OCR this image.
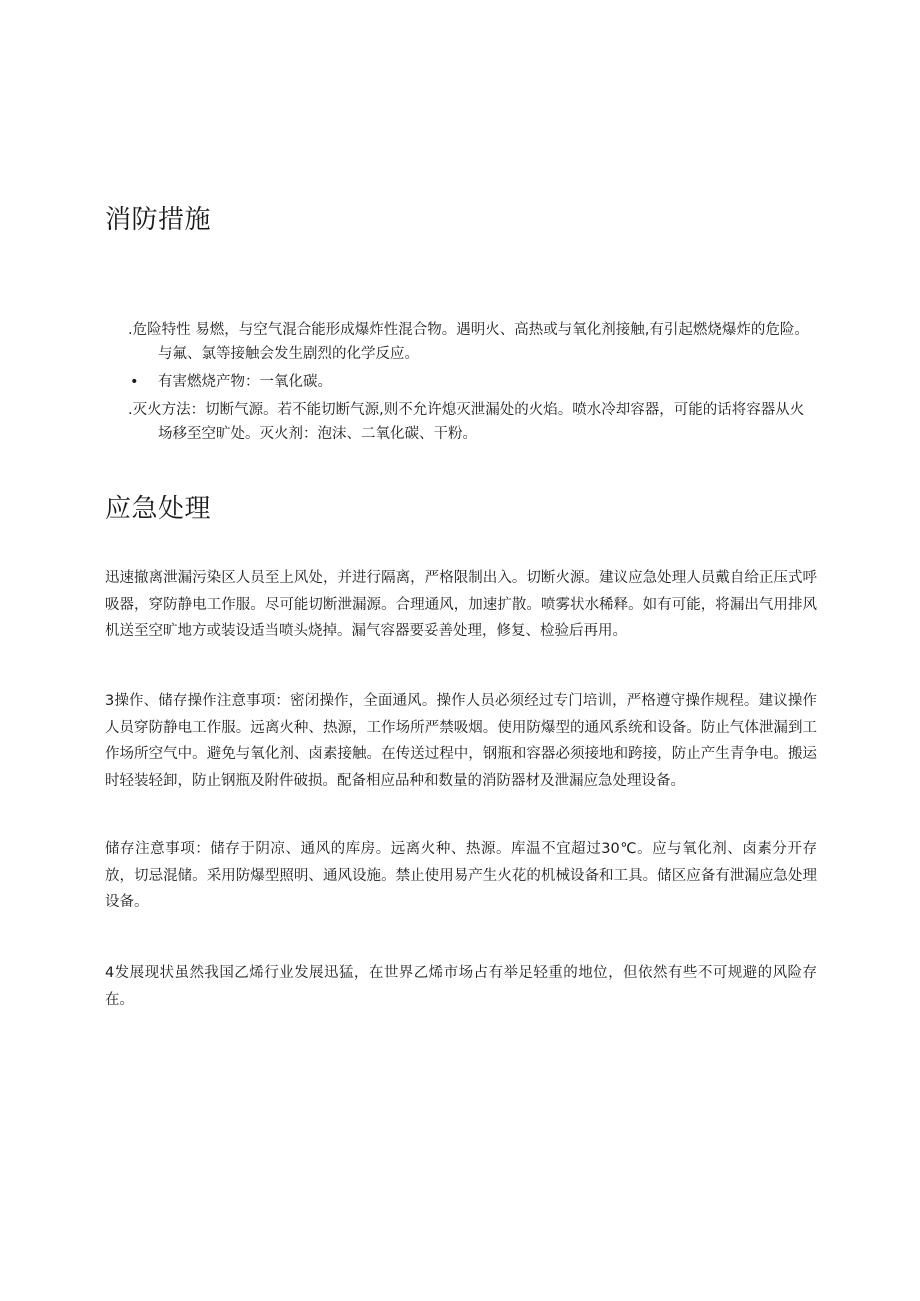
消防措施
.危险特性 易燃，与空气混合能形成爆炸性混合物。遇明火、高热或与氧化剂接触,有引起燃烧爆炸的危险。与氟、氯等接触会发生剧烈的化学反应。
• 有害燃烧产物：一氧化碳。
.灭火方法：切断气源。若不能切断气源,则不允许熄灭泄漏处的火焰。喷水冷却容器，可能的话将容器从火场移至空旷处。灭火剂：泡沫、二氧化碳、干粉。
应急处理

迅速撤离泄漏污染区人员至上风处，并进行隔离，严格限制出入。切断火源。建议应急处理人员戴自给正压式呼吸器，穿防静电工作服。尽可能切断泄漏源。合理通风，加速扩散。喷雾状水稀释。如有可能，将漏出气用排风机送至空旷地方或装设适当喷头烧掉。漏气容器要妥善处理，修复、检验后再用。

3操作、储存操作注意事项：密闭操作，全面通风。操作人员必须经过专门培训，严格遵守操作规程。建议操作人员穿防静电工作服。远离火种、热源，工作场所严禁吸烟。使用防爆型的通风系统和设备。防止气体泄漏到工作场所空气中。避免与氧化剂、卤素接触。在传送过程中，钢瓶和容器必须接地和跨接，防止产生青争电。搬运时轻装轻卸，防止钢瓶及附件破损。配备相应品种和数量的消防器材及泄漏应急处理设备。

储存注意事项：储存于阴凉、通风的库房。远离火种、热源。库温不宜超过30℃。应与氧化剂、卤素分开存放，切忌混储。采用防爆型照明、通风设施。禁止使用易产生火花的机械设备和工具。储区应备有泄漏应急处理设备。

4发展现状虽然我国乙烯行业发展迅猛，在世界乙烯市场占有举足轻重的地位，但依然有些不可规避的风险存在。
